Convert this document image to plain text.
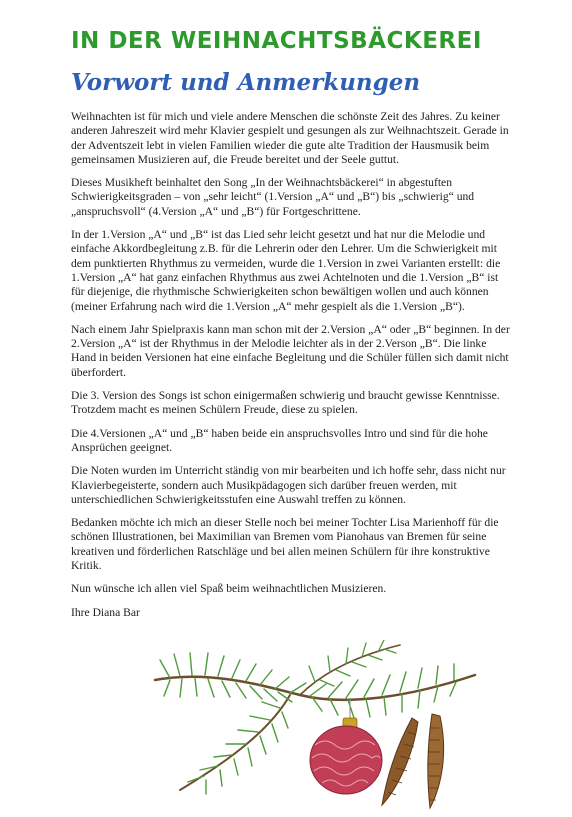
IN DER WEIHNACHTSBÄCKEREI
Vorwort und Anmerkungen

Weihnachten ist für mich und viele andere Menschen die schönste Zeit des Jahres. Zu keiner anderen Jahreszeit wird mehr Klavier gespielt und gesungen als zur Weihnachtszeit. Gerade in der Adventszeit lebt in vielen Familien wieder die gute alte Tradition der Hausmusik beim gemeinsamen Musizieren auf, die Freude bereitet und der Seele guttut.

Dieses Musikheft beinhaltet den Song „In der Weihnachtsbäckerei“ in abgestuften Schwierigkeitsgraden – von „sehr leicht“ (1.Version „A“ und „B“) bis „schwierig“ und „anspruchsvoll“ (4.Version „A“ und „B“) für Fortgeschrittene.

In der 1.Version „A“ und „B“ ist das Lied sehr leicht gesetzt und hat nur die Melodie und einfache Akkordbegleitung z.B. für die Lehrerin oder den Lehrer. Um die Schwierigkeit mit dem punktierten Rhythmus zu vermeiden, wurde die 1.Version in zwei Varianten erstellt: die 1.Version „A“ hat ganz einfachen Rhythmus aus zwei Achtelnoten und die 1.Version „B“ ist für diejenige, die rhythmische Schwierigkeiten schon bewältigen wollen und auch können (meiner Erfahrung nach wird die 1.Version „A“ mehr gespielt als die 1.Version „B“).

Nach einem Jahr Spielpraxis kann man schon mit der 2.Version „A“ oder „B“ beginnen. In der 2.Version „A“ ist der Rhythmus in der Melodie leichter als in der 2.Verson „B“. Die linke Hand in beiden Versionen hat eine einfache Begleitung und die Schüler füllen sich damit nicht überfordert.

Die 3. Version des Songs ist schon einigermaßen schwierig und braucht gewisse Kenntnisse. Trotzdem macht es meinen Schülern Freude, diese zu spielen.

Die 4.Versionen „A“ und „B“ haben beide ein anspruchsvolles Intro und sind für die hohe Ansprüchen geeignet.

Die Noten wurden im Unterricht ständig von mir bearbeiten und ich hoffe sehr, dass nicht nur Klavierbegeisterte, sondern auch Musikpädagogen sich darüber freuen werden, mit unterschiedlichen Schwierigkeitsstufen eine Auswahl treffen zu können.

Bedanken möchte ich mich an dieser Stelle noch bei meiner Tochter Lisa Marienhoff für die schönen Illustrationen, bei Maximilian van Bremen vom Pianohaus van Bremen für seine kreativen und förderlichen Ratschläge und bei allen meinen Schülern für ihre konstruktive Kritik.

Nun wünsche ich allen viel Spaß beim weihnachtlichen Musizieren.

Ihre Diana Bar
